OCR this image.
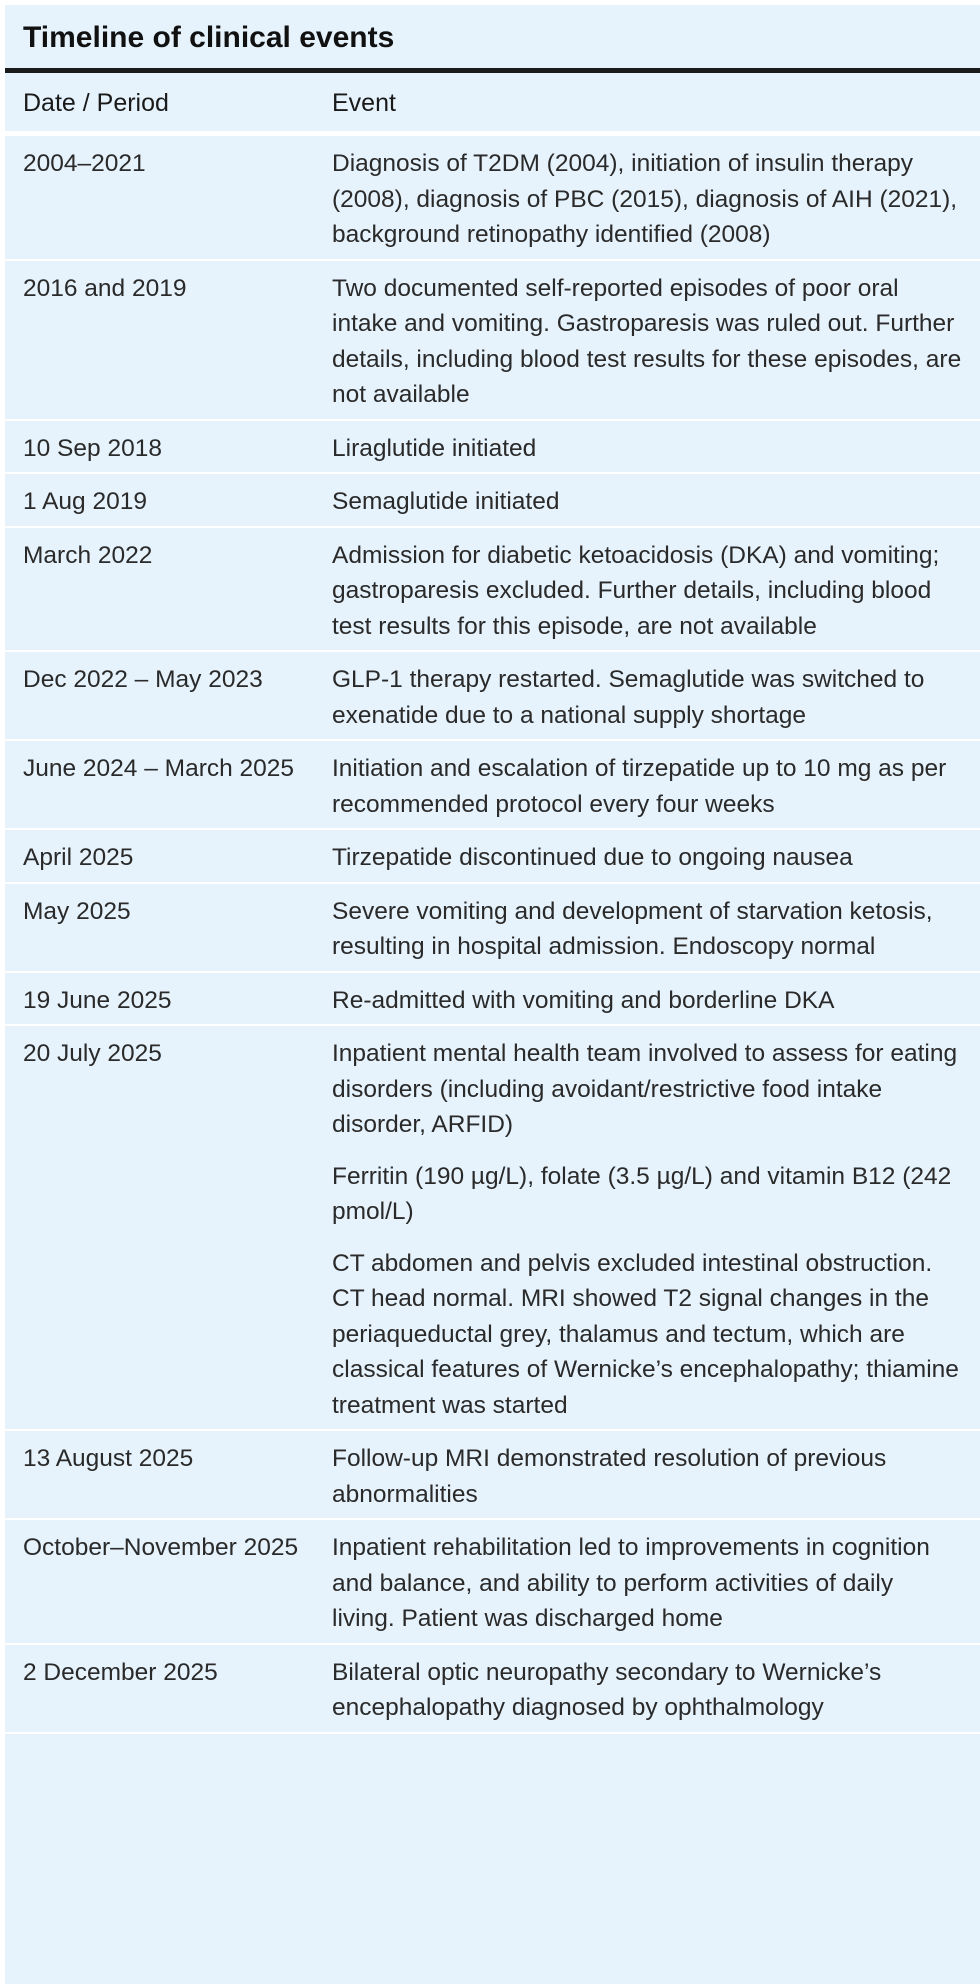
Timeline of clinical events
Date / Period	Event
2004–2021	Diagnosis of T2DM (2004), initiation of insulin therapy (2008), diagnosis of PBC (2015), diagnosis of AIH (2021), background retinopathy identified (2008)
2016 and 2019	Two documented self-reported episodes of poor oral intake and vomiting. Gastroparesis was ruled out. Further details, including blood test results for these episodes, are not available
10 Sep 2018	Liraglutide initiated
1 Aug 2019	Semaglutide initiated
March 2022	Admission for diabetic ketoacidosis (DKA) and vomiting; gastroparesis excluded. Further details, including blood test results for this episode, are not available
Dec 2022 – May 2023	GLP-1 therapy restarted. Semaglutide was switched to exenatide due to a national supply shortage
June 2024 – March 2025	Initiation and escalation of tirzepatide up to 10 mg as per recommended protocol every four weeks
April 2025	Tirzepatide discontinued due to ongoing nausea
May 2025	Severe vomiting and development of starvation ketosis, resulting in hospital admission. Endoscopy normal
19 June 2025	Re-admitted with vomiting and borderline DKA
20 July 2025	Inpatient mental health team involved to assess for eating disorders (including avoidant/restrictive food intake disorder, ARFID)
Ferritin (190 µg/L), folate (3.5 µg/L) and vitamin B12 (242 pmol/L)
CT abdomen and pelvis excluded intestinal obstruction. CT head normal. MRI showed T2 signal changes in the periaqueductal grey, thalamus and tectum, which are classical features of Wernicke’s encephalopathy; thiamine treatment was started
13 August 2025	Follow-up MRI demonstrated resolution of previous abnormalities
October–November 2025	Inpatient rehabilitation led to improvements in cognition and balance, and ability to perform activities of daily living. Patient was discharged home
2 December 2025	Bilateral optic neuropathy secondary to Wernicke’s encephalopathy diagnosed by ophthalmology
